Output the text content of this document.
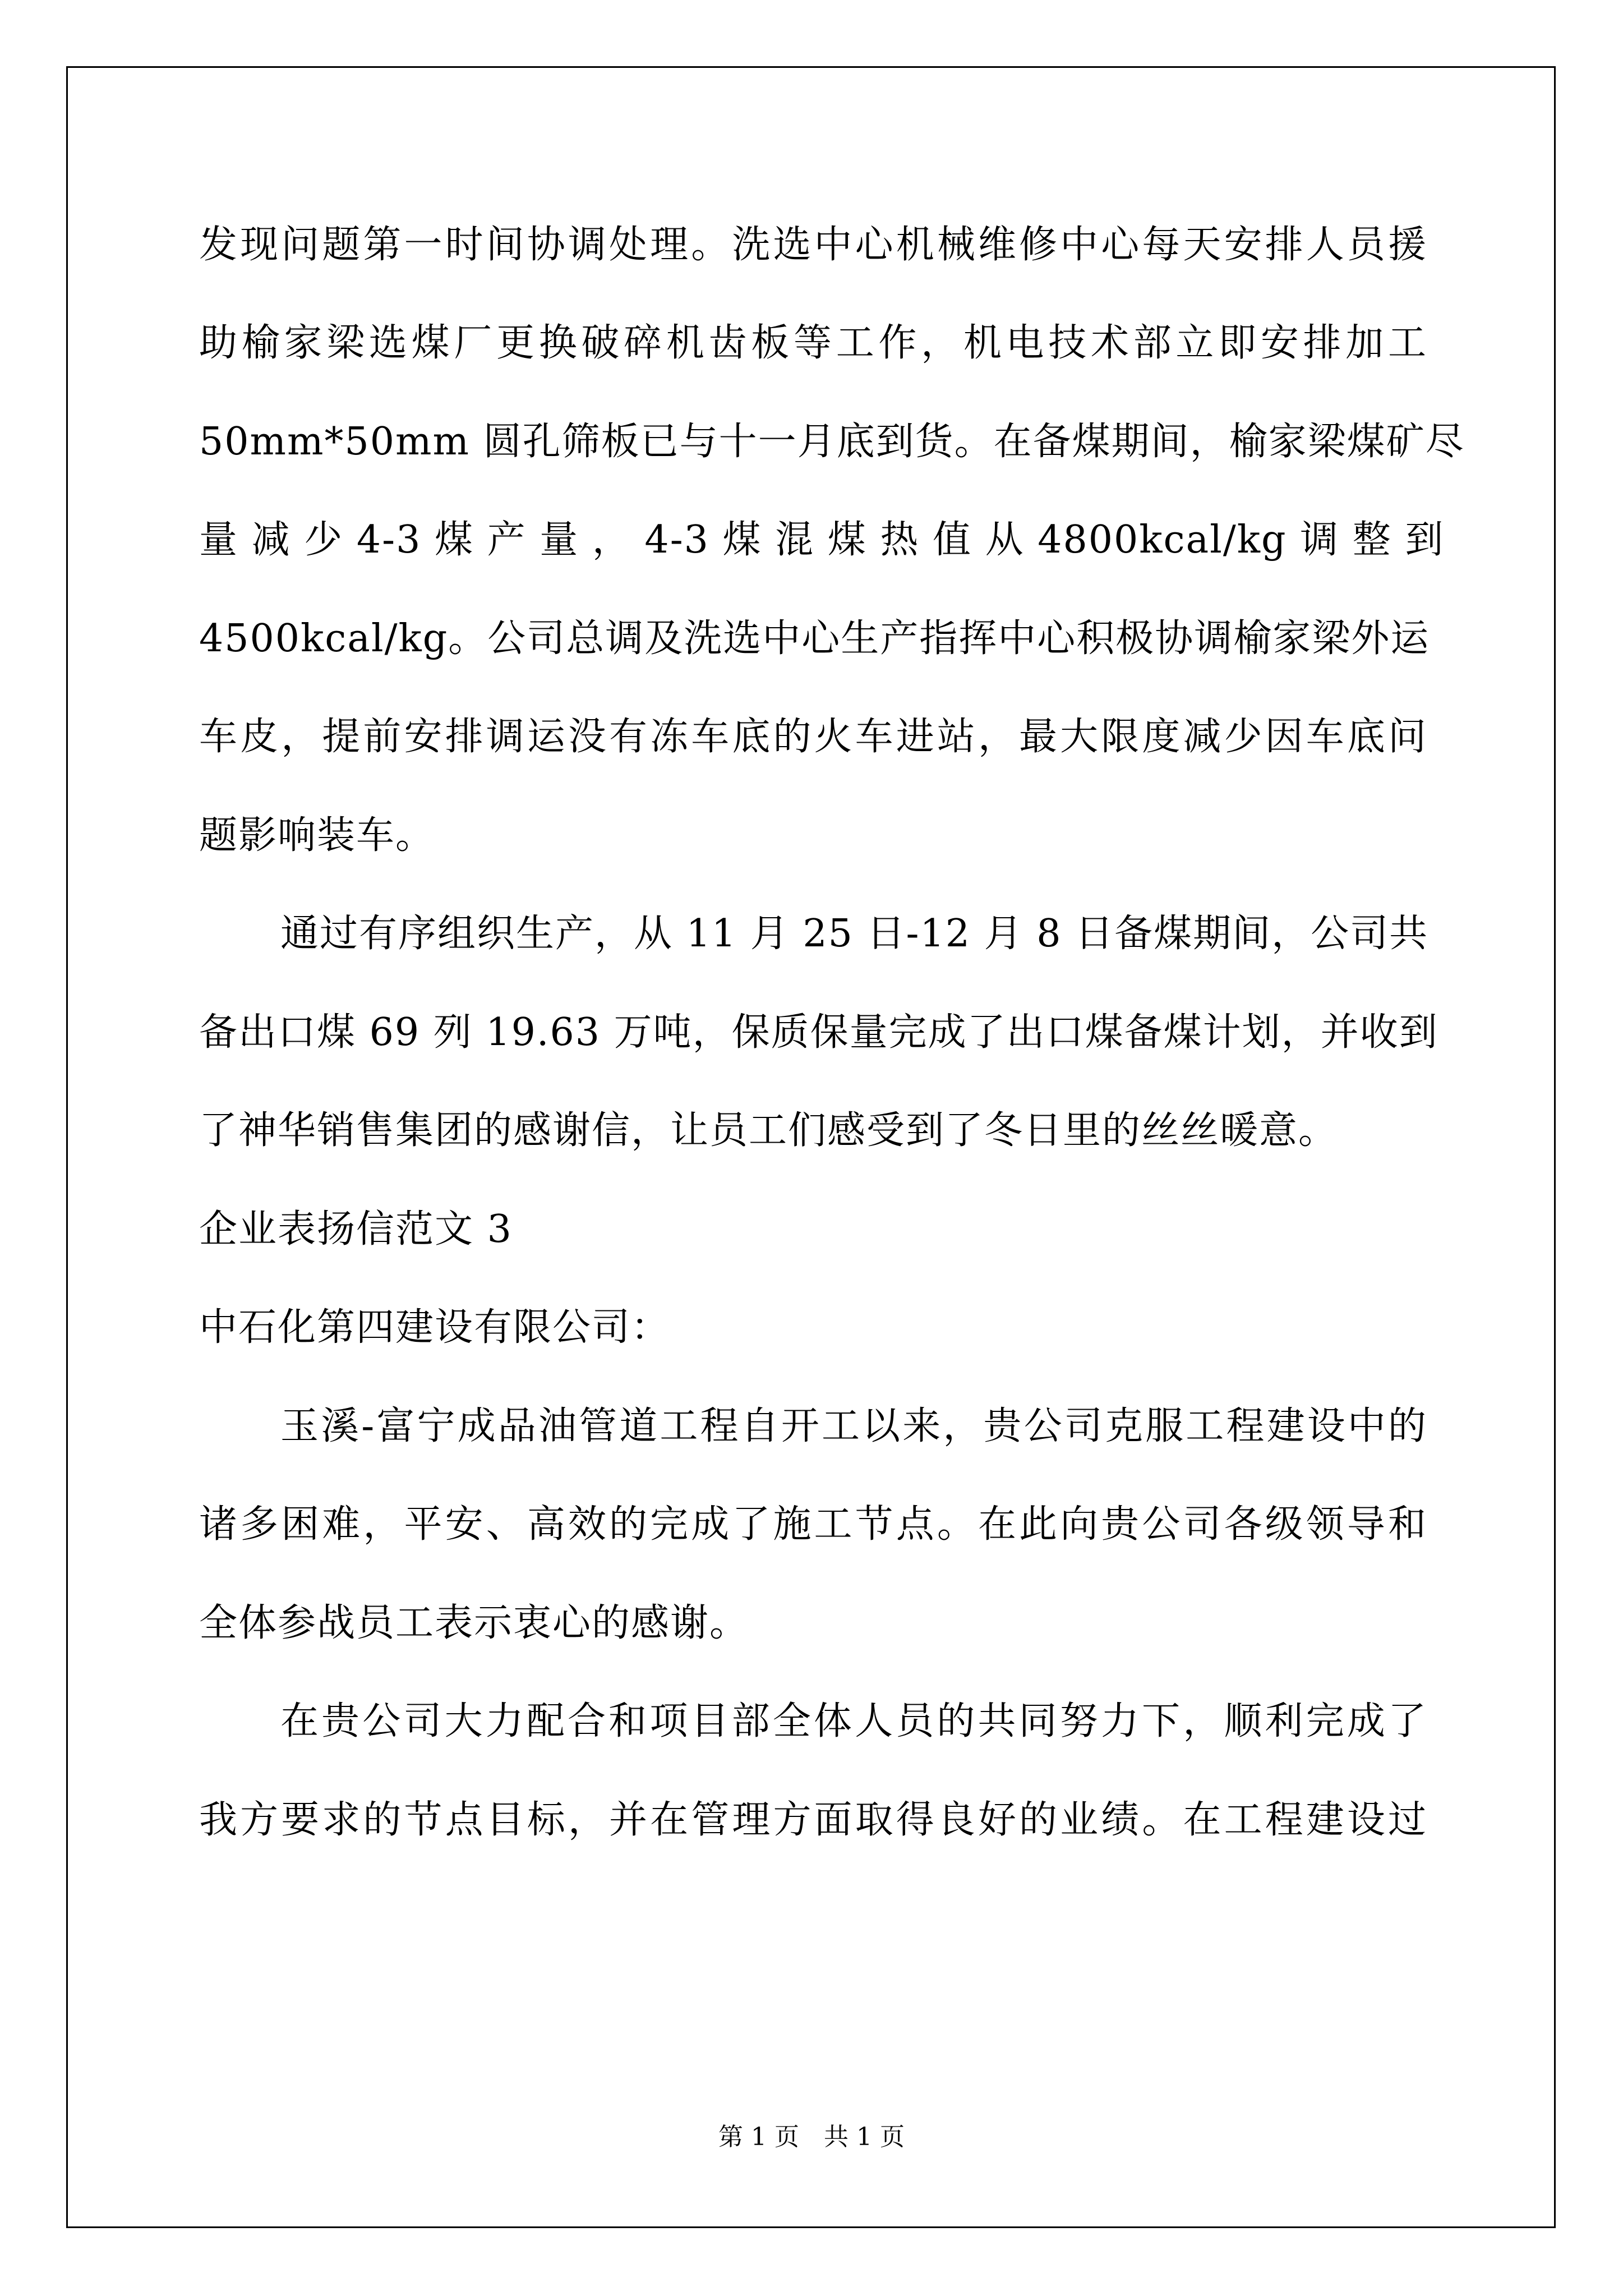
发现问题第一时间协调处理。洗选中心机械维修中心每天安排人员援
助榆家梁选煤厂更换破碎机齿板等工作，机电技术部立即安排加工
50mm*50mm 圆孔筛板已与十一月底到货。在备煤期间，榆家梁煤矿尽
量 减 少 4-3 煤 产 量 ， 4-3 煤 混 煤 热 值 从 4800kcal/kg 调 整 到
4500kcal/kg。公司总调及洗选中心生产指挥中心积极协调榆家梁外运
车皮，提前安排调运没有冻车底的火车进站，最大限度减少因车底问
题影响装车。
通过有序组织生产，从 11 月 25 日-12 月 8 日备煤期间，公司共
备出口煤 69 列 19.63 万吨，保质保量完成了出口煤备煤计划，并收到
了神华销售集团的感谢信，让员工们感受到了冬日里的丝丝暖意。
企业表扬信范文 3
中石化第四建设有限公司：
玉溪-富宁成品油管道工程自开工以来，贵公司克服工程建设中的
诸多困难，平安、高效的完成了施工节点。在此向贵公司各级领导和
全体参战员工表示衷心的感谢。
在贵公司大力配合和项目部全体人员的共同努力下，顺利完成了
我方要求的节点目标，并在管理方面取得良好的业绩。在工程建设过
第 1 页　共 1 页
